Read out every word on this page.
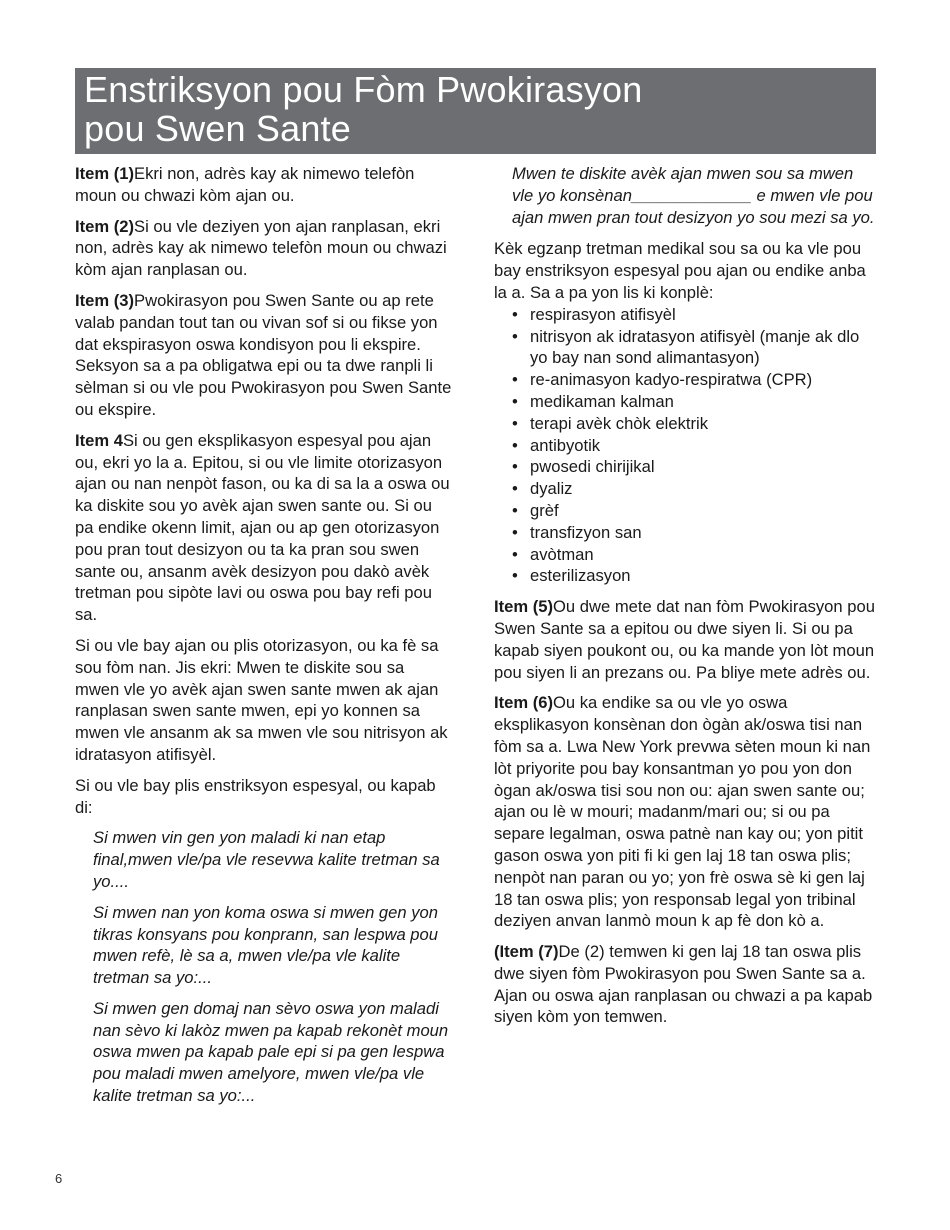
Enstriksyon pou Fòm Pwokirasyon
pou Swen Sante

Item (1)Ekri non, adrès kay ak nimewo telefòn moun ou chwazi kòm ajan ou.

Item (2)Si ou vle deziyen yon ajan ranplasan, ekri non, adrès kay ak nimewo telefòn moun ou chwazi kòm ajan ranplasan ou.

Item (3)Pwokirasyon pou Swen Sante ou ap rete valab pandan tout tan ou vivan sof si ou fikse yon dat ekspirasyon oswa kondisyon pou li ekspire. Seksyon sa a pa obligatwa epi ou ta dwe ranpli li sèlman si ou vle pou Pwokirasyon pou Swen Sante ou ekspire.

Item 4Si ou gen eksplikasyon espesyal pou ajan ou, ekri yo la a. Epitou, si ou vle limite otorizasyon ajan ou nan nenpòt fason, ou ka di sa la a oswa ou ka diskite sou yo avèk ajan swen sante ou. Si ou pa endike okenn limit, ajan ou ap gen otorizasyon pou pran tout desizyon ou ta ka pran sou swen sante ou, ansanm avèk desizyon pou dakò avèk tretman pou sipòte lavi ou oswa pou bay refi pou sa.

Si ou vle bay ajan ou plis otorizasyon, ou ka fè sa sou fòm nan. Jis ekri: Mwen te diskite sou sa mwen vle yo avèk ajan swen sante mwen ak ajan ranplasan swen sante mwen, epi yo konnen sa mwen vle ansanm ak sa mwen vle sou nitrisyon ak idratasyon atifisyèl.

Si ou vle bay plis enstriksyon espesyal, ou kapab di:

Si mwen vin gen yon maladi ki nan etap final,mwen vle/pa vle resevwa kalite tretman sa yo....

Si mwen nan yon koma oswa si mwen gen yon tikras konsyans pou konprann, san lespwa pou mwen refè, lè sa a, mwen vle/pa vle kalite tretman sa yo:...

Si mwen gen domaj nan sèvo oswa yon maladi nan sèvo ki lakòz mwen pa kapab rekonèt moun oswa mwen pa kapab pale epi si pa gen lespwa pou maladi mwen amelyore, mwen vle/pa vle kalite tretman sa yo:...

Mwen te diskite avèk ajan mwen sou sa mwen vle yo konsènan_____________ e mwen vle pou ajan mwen pran tout desizyon yo sou mezi sa yo.

Kèk egzanp tretman medikal sou sa ou ka vle pou bay enstriksyon espesyal pou ajan ou endike anba la a. Sa a pa yon lis ki konplè:

• respirasyon atifisyèl
• nitrisyon ak idratasyon atifisyèl (manje ak dlo yo bay nan sond alimantasyon)
• re-animasyon kadyo-respiratwa (CPR)
• medikaman kalman
• terapi avèk chòk elektrik
• antibyotik
• pwosedi chirijikal
• dyaliz
• grèf
• transfizyon san
• avòtman
• esterilizasyon

Item (5)Ou dwe mete dat nan fòm Pwokirasyon pou Swen Sante sa a epitou ou dwe siyen li. Si ou pa kapab siyen poukont ou, ou ka mande yon lòt moun pou siyen li an prezans ou. Pa bliye mete adrès ou.

Item (6)Ou ka endike sa ou vle yo oswa eksplikasyon konsènan don ògàn ak/oswa tisi nan fòm sa a. Lwa New York prevwa sèten moun ki nan lòt priyorite pou bay konsantman yo pou yon don ògan ak/oswa tisi sou non ou: ajan swen sante ou; ajan ou lè w mouri; madanm/mari ou; si ou pa separe legalman, oswa patnè nan kay ou; yon pitit gason oswa yon piti fi ki gen laj 18 tan oswa plis; nenpòt nan paran ou yo; yon frè oswa sè ki gen laj 18 tan oswa plis; yon responsab legal yon tribinal deziyen anvan lanmò moun k ap fè don kò a.

(Item (7)De (2) temwen ki gen laj 18 tan oswa plis dwe siyen fòm Pwokirasyon pou Swen Sante sa a. Ajan ou oswa ajan ranplasan ou chwazi a pa kapab siyen kòm yon temwen.

6
